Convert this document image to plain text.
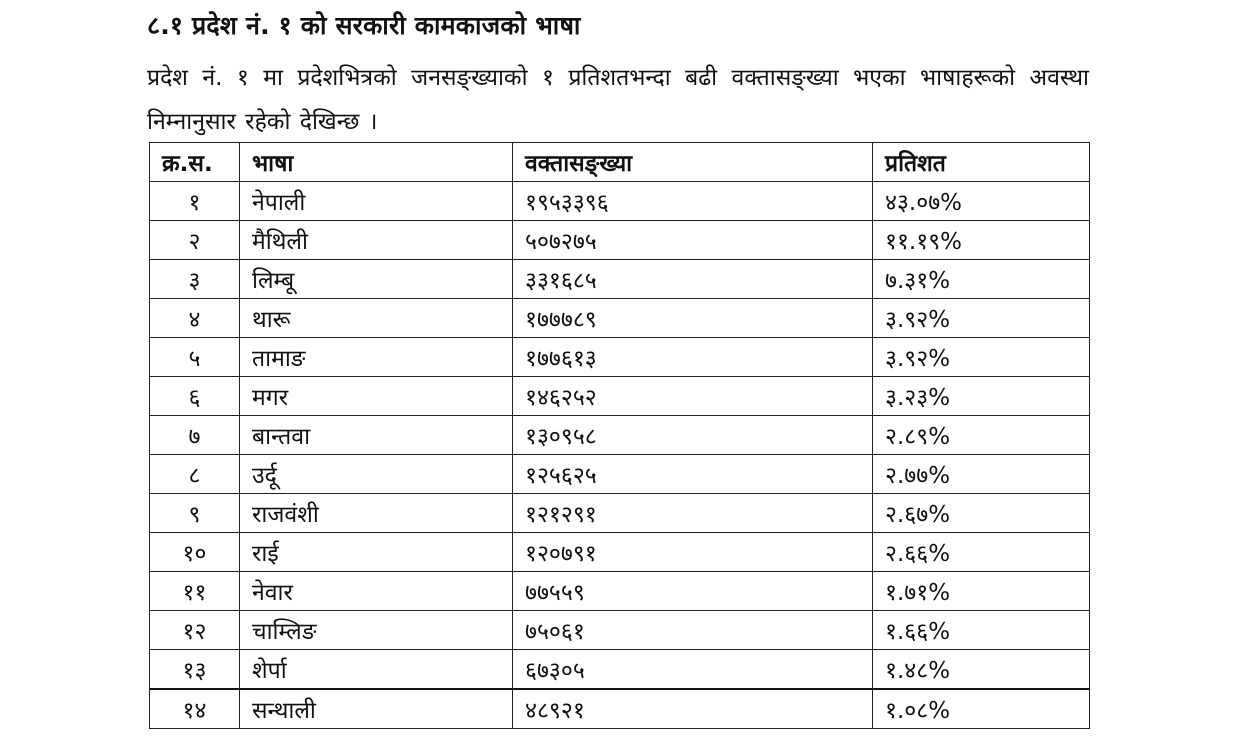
८.१ प्रदेश नं. १ को सरकारी कामकाजको भाषा
प्रदेश नं. १ मा प्रदेशभित्रको जनसङ्ख्याको १ प्रतिशतभन्दा बढी वक्तासङ्ख्या भएका भाषाहरूको अवस्था निम्नानुसार रहेको देखिन्छ ।
क्र.स.	भाषा	वक्तासङ्ख्या	प्रतिशत
१	नेपाली	१९५३३९६	४३.०७%
२	मैथिली	५०७२७५	११.१९%
३	लिम्बू	३३१६८५	७.३१%
४	थारू	१७७७८९	३.९२%
५	तामाङ	१७७६१३	३.९२%
६	मगर	१४६२५२	३.२३%
७	बान्तवा	१३०९५८	२.८९%
८	उर्दू	१२५६२५	२.७७%
९	राजवंशी	१२१२९१	२.६७%
१०	राई	१२०७९१	२.६६%
११	नेवार	७७५५९	१.७१%
१२	चाम्लिङ	७५०६१	१.६६%
१३	शेर्पा	६७३०५	१.४८%
१४	सन्थाली	४८९२१	१.०८%
